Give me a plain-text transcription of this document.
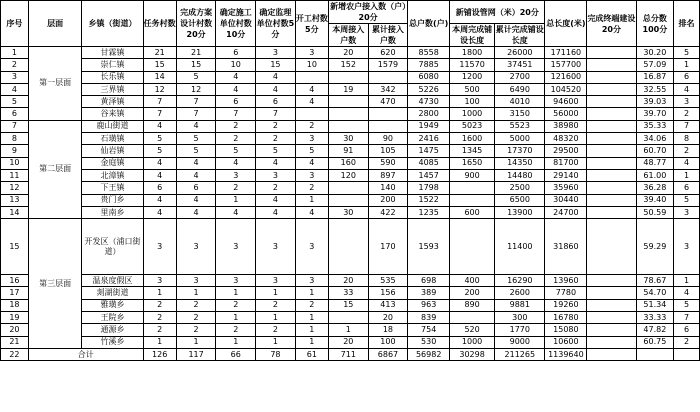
序号	层面	乡镇（街道）	任务村数	完成方案设计村数20分	确定施工单位村数10分	确定监理单位村数5分	开工村数5分	新增农户接入数（户）20分		总户数(户)	新铺设管网（米）20分		总长度(米)	完成终端建设20分	总分数100分	排名
								本周接入户数	累计接入户数		本周完成铺设长度	累计完成铺设长度				
1	第一层面	甘霖镇	21	21	6	3	3	20	620	8558	1800	26000	171160		30.20	5
2		崇仁镇	15	15	10	15	10	152	1579	7885	11570	37451	157700		57.09	1
3		长乐镇	14	5	4	4				6080	1200	2700	121600		16.87	6
4		三界镇	12	12	4	4	4	19	342	5226	500	6490	104520		32.55	4
5		黄泽镇	7	7	6	6	4		470	4730	100	4010	94600		39.03	3
6		谷来镇	7	7	7	7				2800	1000	3150	56000		39.70	2
7	第二层面	鹿山街道	4	4	2	2	2			1949	5023	5523	38980		35.33	7
8		石璜镇	5	5	2	2	3	30	90	2416	1600	5000	48320		34.06	8
9		仙岩镇	5	5	5	5	5	91	105	1475	1345	17370	29500		60.70	2
10		金庭镇	4	4	4	4	4	160	590	4085	1650	14350	81700		48.77	4
11		北漳镇	4	4	3	3	3	120	897	1457	900	14480	29140		61.00	1
12		下王镇	6	6	2	2	2		140	1798		2500	35960		36.28	6
13		贵门乡	4	4	1	4	1		200	1522		6500	30440		39.40	5
14		里南乡	4	4	4	4	4	30	422	1235	600	13900	24700		50.59	3
15	第三层面	开发区（浦口街道）	3	3	3	3	3		170	1593		11400	31860		59.29	3
16		温泉度假区	3	3	3	3	3	20	535	698	400	16290	13960		78.67	1
17		剡湖街道	1	1	1	1	1	33	156	389	200	2600	7780		54.70	4
18		雅璜乡	2	2	2	2	2	15	413	963	890	9881	19260		51.34	5
19		王院乡	2	2	1	1	1		20	839		300	16780		33.33	7
20		通源乡	2	2	2	2	1	1	18	754	520	1770	15080		47.82	6
21		竹溪乡	1	1	1	1	1	20	100	530	1000	9000	10600		60.75	2
22	合计		126	117	66	78	61	711	6867	56982	30298	211265	1139640			
